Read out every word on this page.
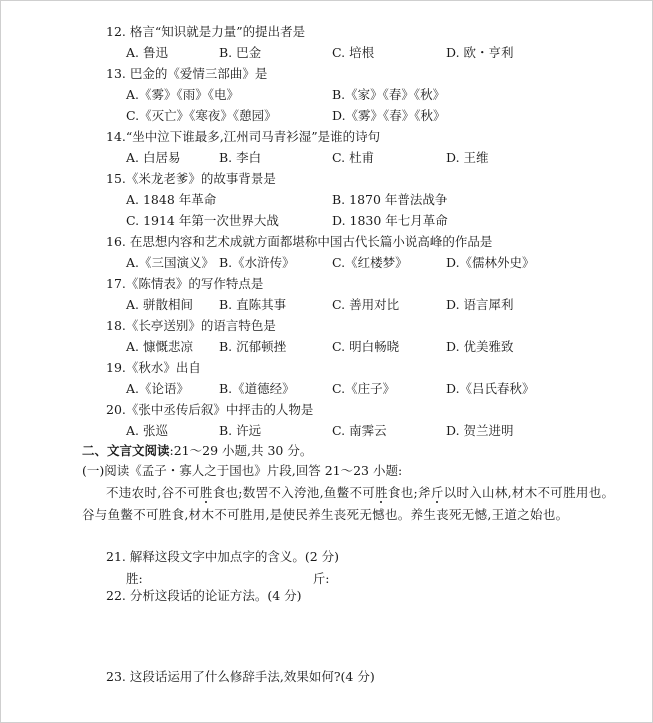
12. 格言“知识就是力量”的提出者是
A. 鲁迅	B. 巴金	C. 培根	D. 欧・亨利
13. 巴金的《爱情三部曲》是
A.《雾》《雨》《电》	B.《家》《春》《秋》
C.《灭亡》《寒夜》《憩园》	D.《雾》《春》《秋》
14.“坐中泣下谁最多,江州司马青衫湿”是谁的诗句
A. 白居易	B. 李白	C. 杜甫	D. 王维
15.《米龙老爹》的故事背景是
A. 1848 年革命	B. 1870 年普法战争
C. 1914 年第一次世界大战	D. 1830 年七月革命
16. 在思想内容和艺术成就方面都堪称中国古代长篇小说高峰的作品是
A.《三国演义》 B.《水浒传》	C.《红楼梦》	D.《儒林外史》
17.《陈情表》的写作特点是
A. 骈散相间 B. 直陈其事	C. 善用对比	D. 语言犀利
18.《长亭送别》的语言特色是
A. 慷慨悲凉 B. 沉郁顿挫	C. 明白畅晓	D. 优美雅致
19.《秋水》出自
A.《论语》 B.《道德经》	C.《庄子》	D.《吕氏春秋》
20.《张中丞传后叙》中抨击的人物是
A. 张巡	B. 许远	C. 南霁云	D. 贺兰进明
二、文言文阅读:21～29 小题,共 30 分。
(一)阅读《孟子・寡人之于国也》片段,回答 21～23 小题:
不违农时,谷不可胜食也;数罟不入洿池,鱼鳖不可胜食也;斧斤以时入山林,材木不可胜用也。谷与鱼鳖不可胜食,材木不可胜用,是使民养生丧死无憾也。养生丧死无憾,王道之始也。
21. 解释这段文字中加点字的含义。(2 分)
胜:	斤:
22. 分析这段话的论证方法。(4 分)
23. 这段话运用了什么修辞手法,效果如何?(4 分)
